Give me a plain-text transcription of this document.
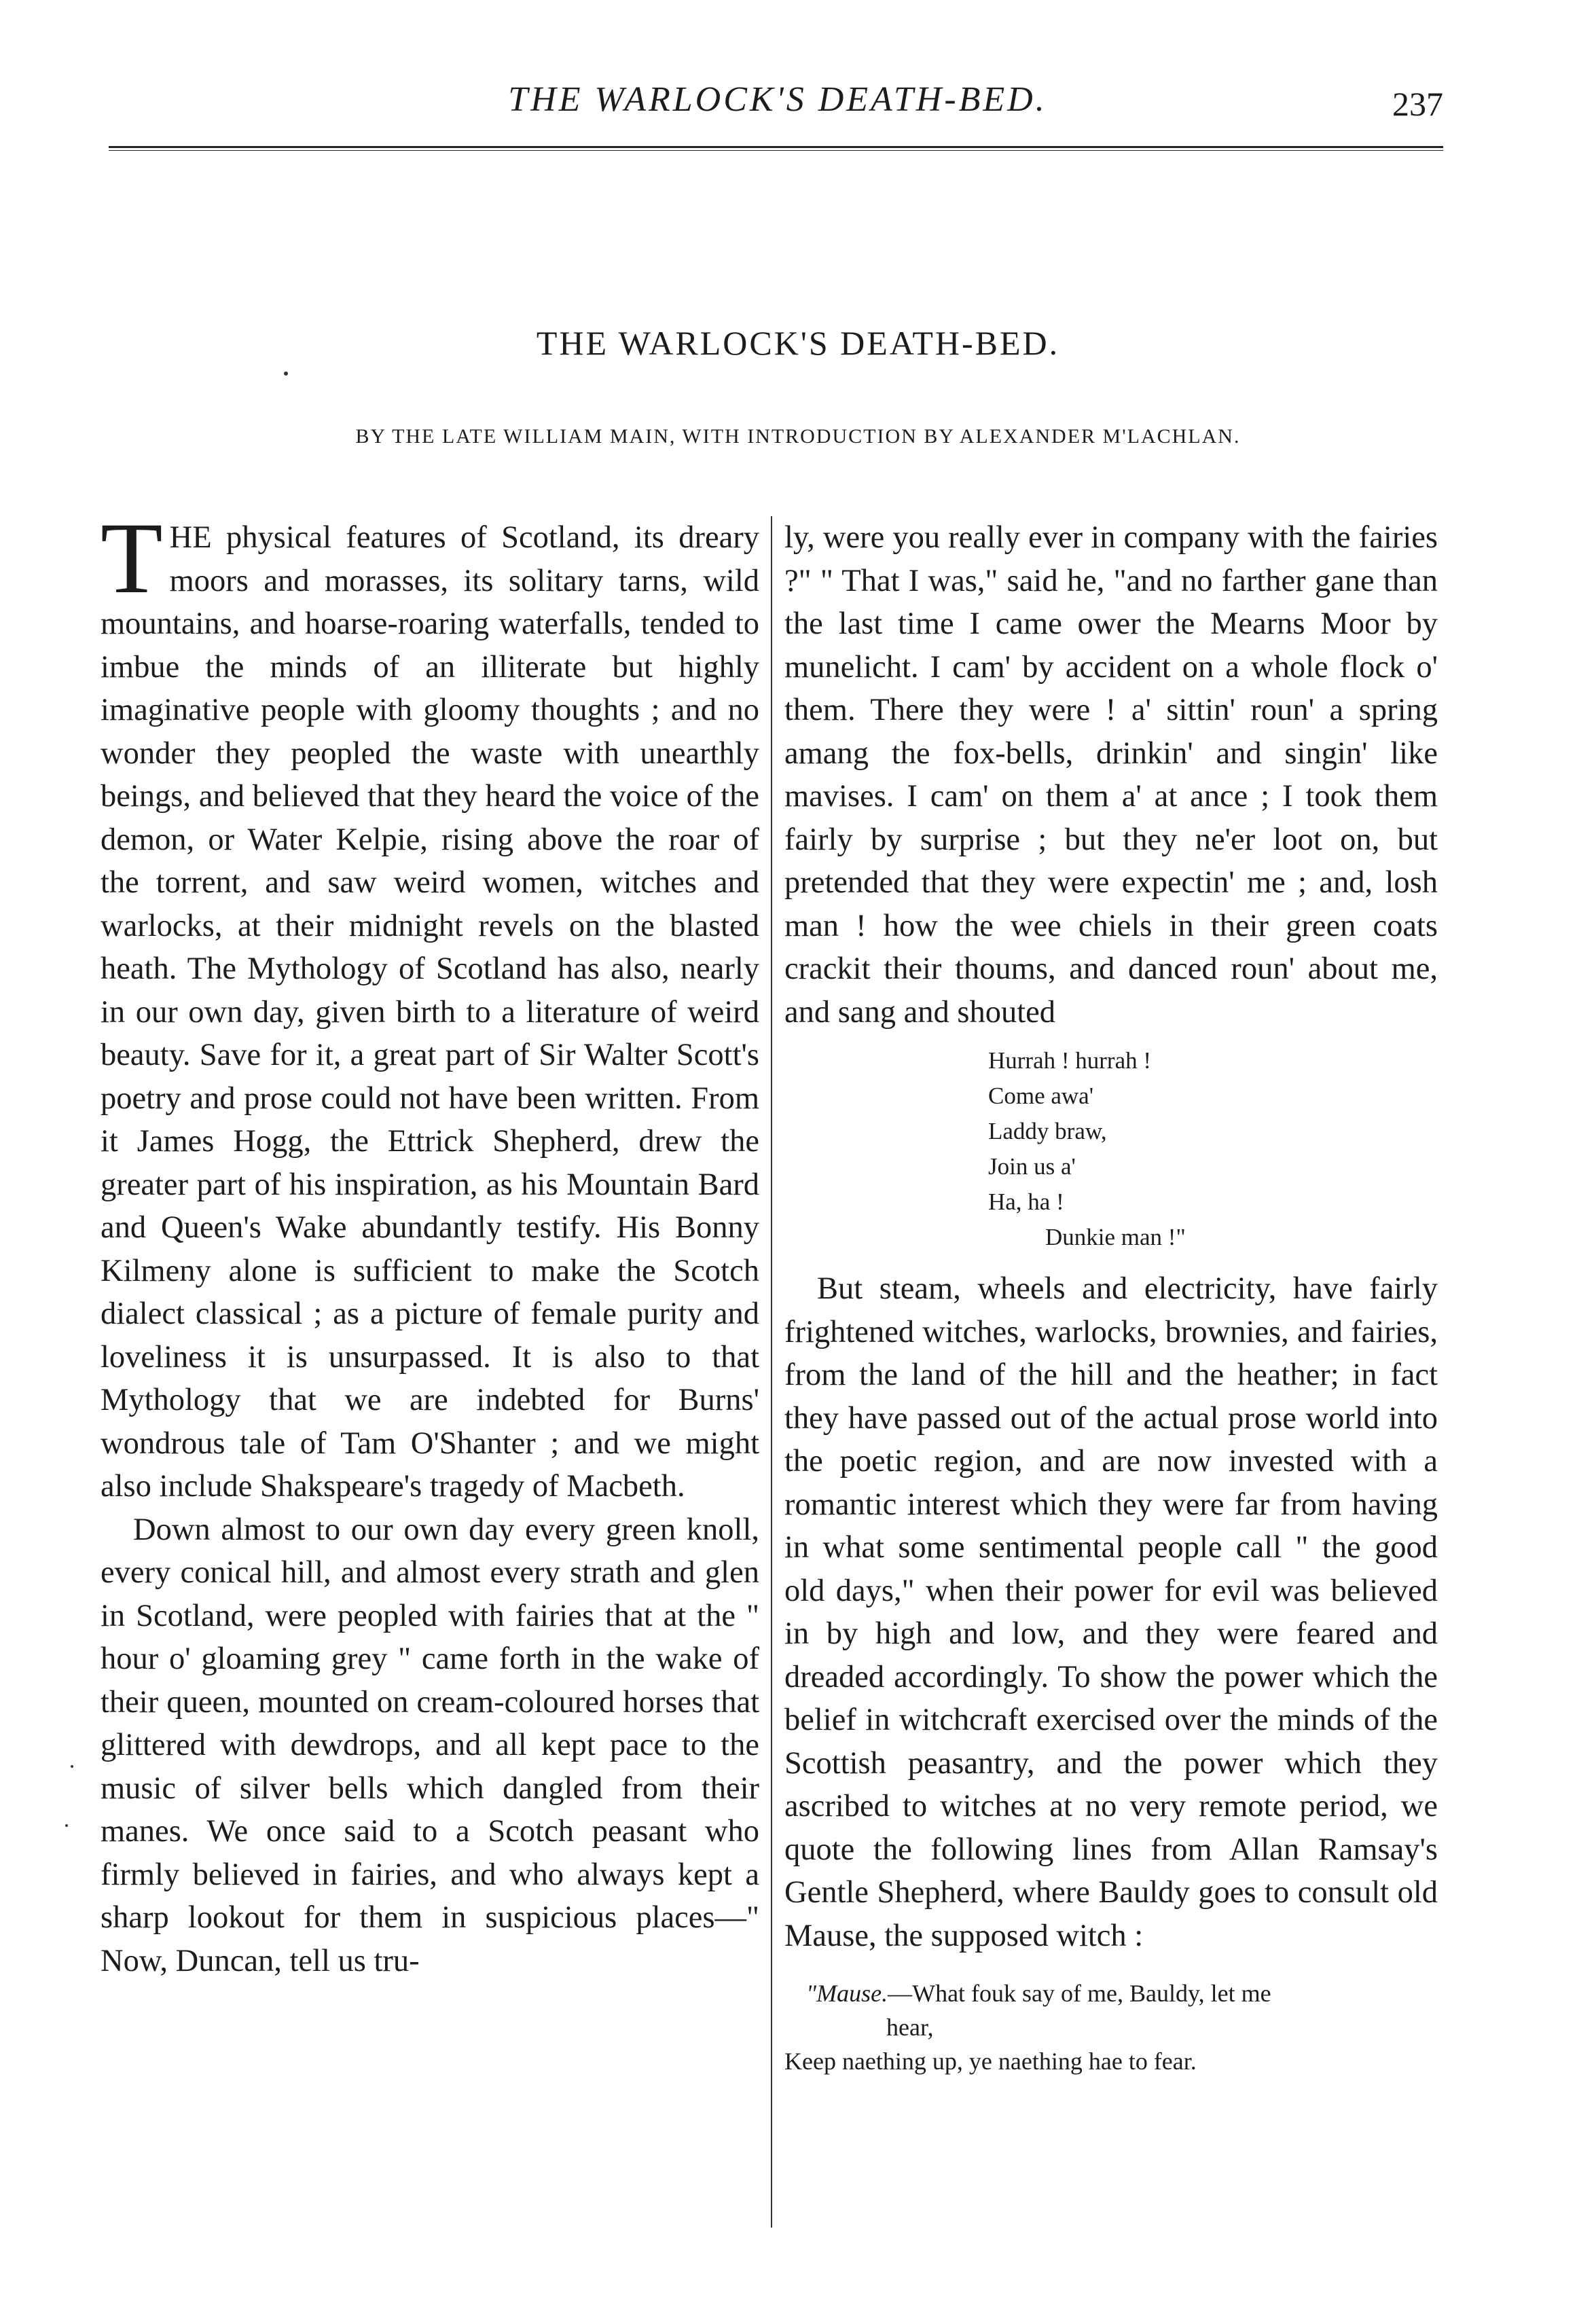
THE WARLOCK'S DEATH-BED.	237
THE WARLOCK'S DEATH-BED.
BY THE LATE WILLIAM MAIN, WITH INTRODUCTION BY ALEXANDER M'LACHLAN.

THE physical features of Scotland, its dreary moors and morasses, its solitary tarns, wild mountains, and hoarse-roaring waterfalls, tended to imbue the minds of an illiterate but highly imaginative people with gloomy thoughts ; and no wonder they peopled the waste with unearthly beings, and believed that they heard the voice of the demon, or Water Kelpie, rising above the roar of the torrent, and saw weird women, witches and warlocks, at their midnight revels on the blasted heath. The Mythology of Scotland has also, nearly in our own day, given birth to a literature of weird beauty. Save for it, a great part of Sir Walter Scott's poetry and prose could not have been written. From it James Hogg, the Ettrick Shepherd, drew the greater part of his inspiration, as his Mountain Bard and Queen's Wake abundantly testify. His Bonny Kilmeny alone is sufficient to make the Scotch dialect classical ; as a picture of female purity and loveliness it is unsurpassed. It is also to that Mythology that we are indebted for Burns' wondrous tale of Tam O'Shanter ; and we might also include Shakspeare's tragedy of Macbeth.

Down almost to our own day every green knoll, every conical hill, and almost every strath and glen in Scotland, were peopled with fairies that at the " hour o' gloaming grey " came forth in the wake of their queen, mounted on cream-coloured horses that glittered with dewdrops, and all kept pace to the music of silver bells which dangled from their manes. We once said to a Scotch peasant who firmly believed in fairies, and who always kept a sharp lookout for them in suspicious places—" Now, Duncan, tell us tru-

ly, were you really ever in company with the fairies ?" " That I was," said he, "and no farther gane than the last time I came ower the Mearns Moor by munelicht. I cam' by accident on a whole flock o' them. There they were ! a' sittin' roun' a spring amang the fox-bells, drinkin' and singin' like mavises. I cam' on them a' at ance ; I took them fairly by surprise ; but they ne'er loot on, but pretended that they were expectin' me ; and, losh man ! how the wee chiels in their green coats crackit their thoums, and danced roun' about me, and sang and shouted

Hurrah ! hurrah !
Come awa'
Laddy braw,
Join us a'
Ha, ha !
Dunkie man !"

But steam, wheels and electricity, have fairly frightened witches, warlocks, brownies, and fairies, from the land of the hill and the heather; in fact they have passed out of the actual prose world into the poetic region, and are now invested with a romantic interest which they were far from having in what some sentimental people call " the good old days," when their power for evil was believed in by high and low, and they were feared and dreaded accordingly. To show the power which the belief in witchcraft exercised over the minds of the Scottish peasantry, and the power which they ascribed to witches at no very remote period, we quote the following lines from Allan Ramsay's Gentle Shepherd, where Bauldy goes to consult old Mause, the supposed witch :

"Mause.—What fouk say of me, Bauldy, let me
hear,
Keep naething up, ye naething hae to fear.
